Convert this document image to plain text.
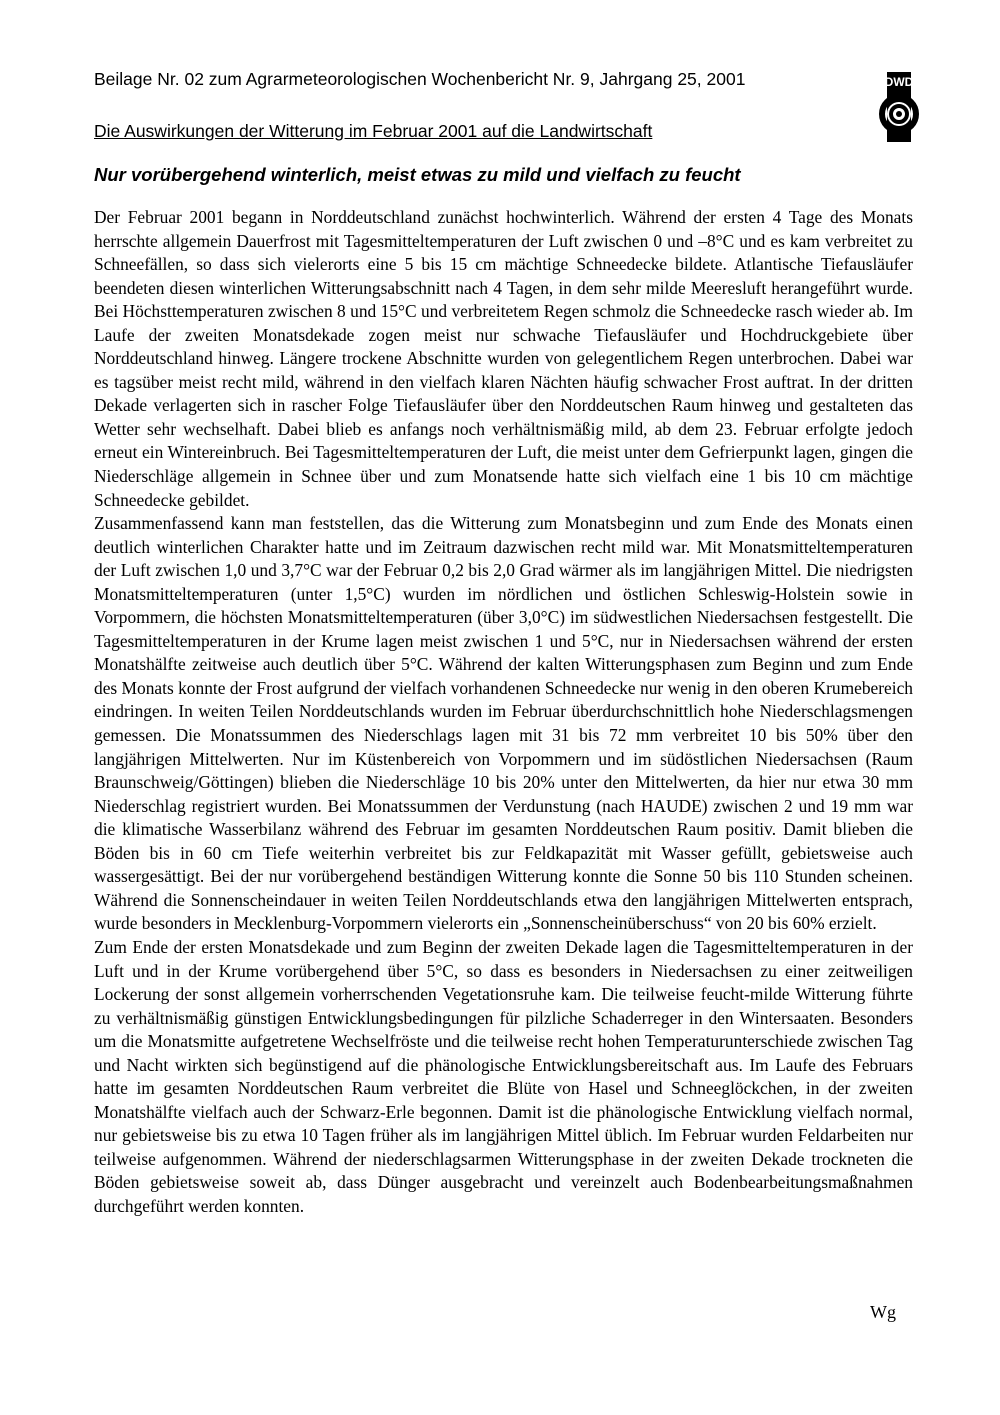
Beilage Nr. 02 zum Agrarmeteorologischen Wochenbericht Nr. 9, Jahrgang 25, 2001
Die Auswirkungen der Witterung im Februar 2001 auf die Landwirtschaft
DWD
Nur vorübergehend winterlich, meist etwas zu mild und vielfach zu feucht

Der Februar 2001 begann in Norddeutschland zunächst hochwinterlich. Während der ersten 4 Tage des Monats herrschte allgemein Dauerfrost mit Tagesmitteltemperaturen der Luft zwischen 0 und –8°C und es kam verbreitet zu Schneefällen, so dass sich vielerorts eine 5 bis 15 cm mächtige Schneedecke bildete. Atlantische Tiefausläufer beendeten diesen winterlichen Witterungsabschnitt nach 4 Tagen, in dem sehr milde Meeresluft herangeführt wurde. Bei Höchsttemperaturen zwischen 8 und 15°C und verbreitetem Regen schmolz die Schneedecke rasch wieder ab. Im Laufe der zweiten Monatsdekade zogen meist nur schwache Tiefausläufer und Hochdruckgebiete über Norddeutschland hinweg. Längere trockene Abschnitte wurden von gelegentlichem Regen unterbrochen. Dabei war es tagsüber meist recht mild, während in den vielfach klaren Nächten häufig schwacher Frost auftrat. In der dritten Dekade verlagerten sich in rascher Folge Tiefausläufer über den Norddeutschen Raum hinweg und gestalteten das Wetter sehr wechselhaft. Dabei blieb es anfangs noch verhältnismäßig mild, ab dem 23. Februar erfolgte jedoch erneut ein Wintereinbruch. Bei Tagesmitteltemperaturen der Luft, die meist unter dem Gefrierpunkt lagen, gingen die Niederschläge allgemein in Schnee über und zum Monatsende hatte sich vielfach eine 1 bis 10 cm mächtige Schneedecke gebildet.

Zusammenfassend kann man feststellen, das die Witterung zum Monatsbeginn und zum Ende des Monats einen deutlich winterlichen Charakter hatte und im Zeitraum dazwischen recht mild war. Mit Monatsmitteltemperaturen der Luft zwischen 1,0 und 3,7°C war der Februar 0,2 bis 2,0 Grad wärmer als im langjährigen Mittel. Die niedrigsten Monatsmitteltemperaturen (unter 1,5°C) wurden im nördlichen und östlichen Schleswig-Holstein sowie in Vorpommern, die höchsten Monatsmitteltemperaturen (über 3,0°C) im südwestlichen Niedersachsen festgestellt. Die Tagesmitteltemperaturen in der Krume lagen meist zwischen 1 und 5°C, nur in Niedersachsen während der ersten Monatshälfte zeitweise auch deutlich über 5°C. Während der kalten Witterungsphasen zum Beginn und zum Ende des Monats konnte der Frost aufgrund der vielfach vorhandenen Schneedecke nur wenig in den oberen Krumebereich eindringen. In weiten Teilen Norddeutschlands wurden im Februar überdurchschnittlich hohe Niederschlagsmengen gemessen. Die Monatssummen des Niederschlags lagen mit 31 bis 72 mm verbreitet 10 bis 50% über den langjährigen Mittelwerten. Nur im Küstenbereich von Vorpommern und im südöstlichen Niedersachsen (Raum Braunschweig/Göttingen) blieben die Niederschläge 10 bis 20% unter den Mittelwerten, da hier nur etwa 30 mm Niederschlag registriert wurden. Bei Monatssummen der Verdunstung (nach HAUDE) zwischen 2 und 19 mm war die klimatische Wasserbilanz während des Februar im gesamten Norddeutschen Raum positiv. Damit blieben die Böden bis in 60 cm Tiefe weiterhin verbreitet bis zur Feldkapazität mit Wasser gefüllt, gebietsweise auch wassergesättigt. Bei der nur vorübergehend beständigen Witterung konnte die Sonne 50 bis 110 Stunden scheinen. Während die Sonnenscheindauer in weiten Teilen Norddeutschlands etwa den langjährigen Mittelwerten entsprach, wurde besonders in Mecklenburg-Vorpommern vielerorts ein „Sonnenscheinüberschuss“ von 20 bis 60% erzielt.

Zum Ende der ersten Monatsdekade und zum Beginn der zweiten Dekade lagen die Tagesmitteltemperaturen in der Luft und in der Krume vorübergehend über 5°C, so dass es besonders in Niedersachsen zu einer zeitweiligen Lockerung der sonst allgemein vorherrschenden Vegetationsruhe kam. Die teilweise feucht-milde Witterung führte zu verhältnismäßig günstigen Entwicklungsbedingungen für pilzliche Schaderreger in den Wintersaaten. Besonders um die Monatsmitte aufgetretene Wechselfröste und die teilweise recht hohen Temperaturunterschiede zwischen Tag und Nacht wirkten sich begünstigend auf die phänologische Entwicklungsbereitschaft aus. Im Laufe des Februars hatte im gesamten Norddeutschen Raum verbreitet die Blüte von Hasel und Schneeglöckchen, in der zweiten Monatshälfte vielfach auch der Schwarz-Erle begonnen. Damit ist die phänologische Entwicklung vielfach normal, nur gebietsweise bis zu etwa 10 Tagen früher als im langjährigen Mittel üblich. Im Februar wurden Feldarbeiten nur teilweise aufgenommen. Während der niederschlagsarmen Witterungsphase in der zweiten Dekade trockneten die Böden gebietsweise soweit ab, dass Dünger ausgebracht und vereinzelt auch Bodenbearbeitungsmaßnahmen durchgeführt werden konnten.

Wg
